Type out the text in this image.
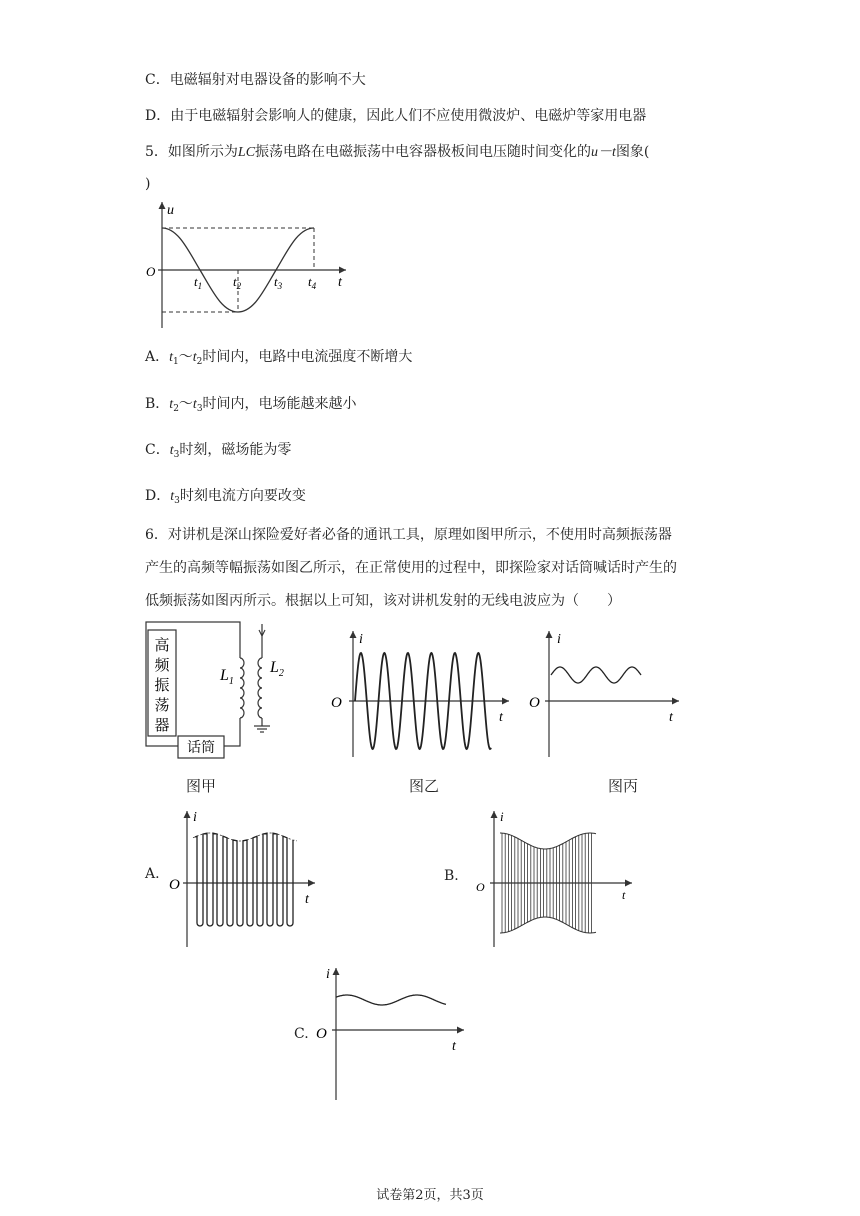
C．电磁辐射对电器设备的影响不大
D．由于电磁辐射会影响人的健康，因此人们不应使用微波炉、电磁炉等家用电器
5．如图所示为LC振荡电路在电磁振荡中电容器极板间电压随时间变化的u－t图象(
)
u
O
t
$t_1$ $t_2$	$t_3$ $t_4$
A．$t_1\sim t_2$时间内，电路中电流强度不断增大
B．$t_2\sim t_3$时间内，电场能越来越小
C．$t_3$时刻，磁场能为零
D．$t_3$时刻电流方向要改变
6．对讲机是深山探险爱好者必备的通讯工具，原理如图甲所示，不使用时高频振荡器
产生的高频等幅振荡如图乙所示，在正常使用的过程中，即探险家对话筒喊话时产生的
低频振荡如图丙所示。根据以上可知，该对讲机发射的无线电波应为（　　）
高
频
振
荡
器
话筒
$L_1$
$L_2$
图甲
i
O
t
图乙
i
O
t
图丙
A.
i
O
t
B.
i
O
t
C.
i
O
t
试卷第2页，共3页
